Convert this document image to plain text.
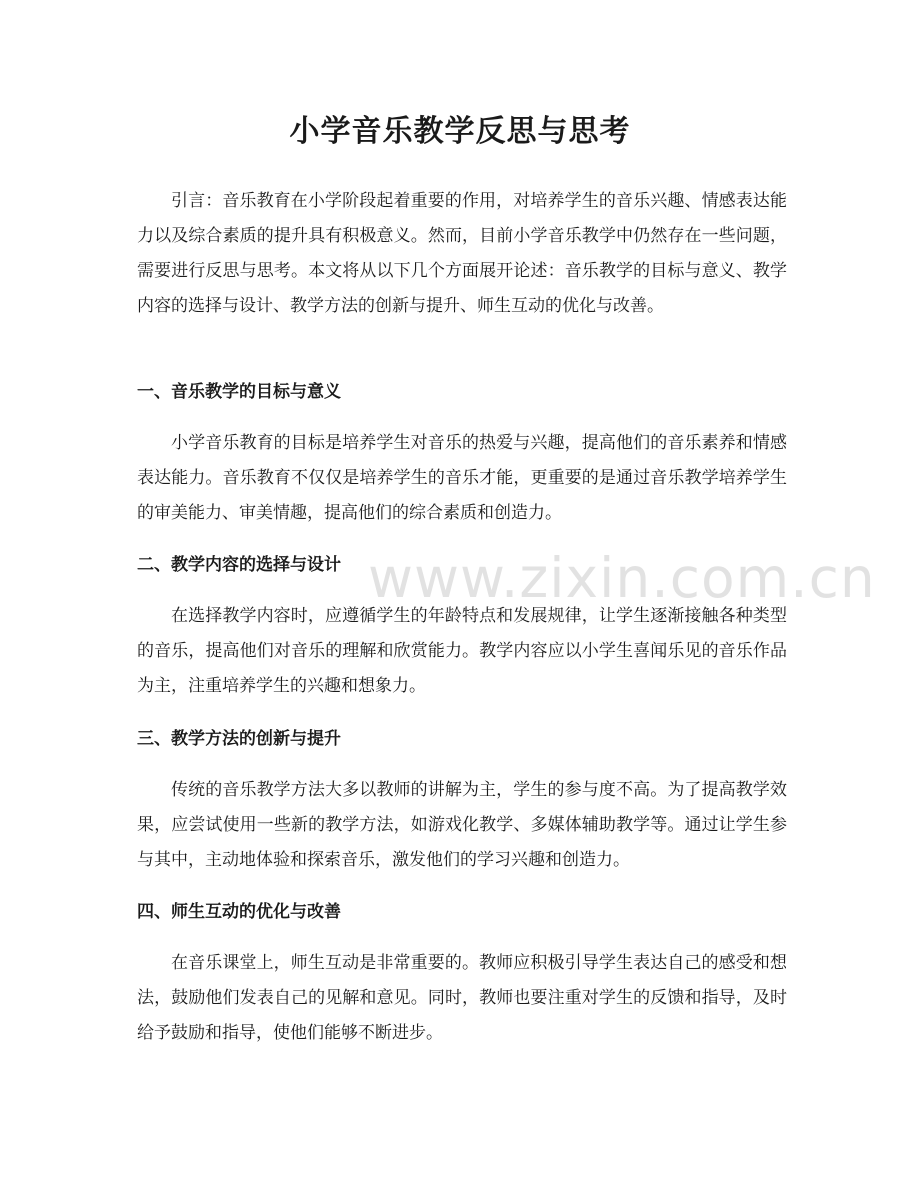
小学音乐教学反思与思考

引言：音乐教育在小学阶段起着重要的作用，对培养学生的音乐兴趣、情感表达能力以及综合素质的提升具有积极意义。然而，目前小学音乐教学中仍然存在一些问题，需要进行反思与思考。本文将从以下几个方面展开论述：音乐教学的目标与意义、教学内容的选择与设计、教学方法的创新与提升、师生互动的优化与改善。

一、音乐教学的目标与意义

小学音乐教育的目标是培养学生对音乐的热爱与兴趣，提高他们的音乐素养和情感表达能力。音乐教育不仅仅是培养学生的音乐才能，更重要的是通过音乐教学培养学生的审美能力、审美情趣，提高他们的综合素质和创造力。

二、教学内容的选择与设计

在选择教学内容时，应遵循学生的年龄特点和发展规律，让学生逐渐接触各种类型的音乐，提高他们对音乐的理解和欣赏能力。教学内容应以小学生喜闻乐见的音乐作品为主，注重培养学生的兴趣和想象力。

三、教学方法的创新与提升

传统的音乐教学方法大多以教师的讲解为主，学生的参与度不高。为了提高教学效果，应尝试使用一些新的教学方法，如游戏化教学、多媒体辅助教学等。通过让学生参与其中，主动地体验和探索音乐，激发他们的学习兴趣和创造力。

四、师生互动的优化与改善

在音乐课堂上，师生互动是非常重要的。教师应积极引导学生表达自己的感受和想法，鼓励他们发表自己的见解和意见。同时，教师也要注重对学生的反馈和指导，及时给予鼓励和指导，使他们能够不断进步。

www.zixin.com.cn
